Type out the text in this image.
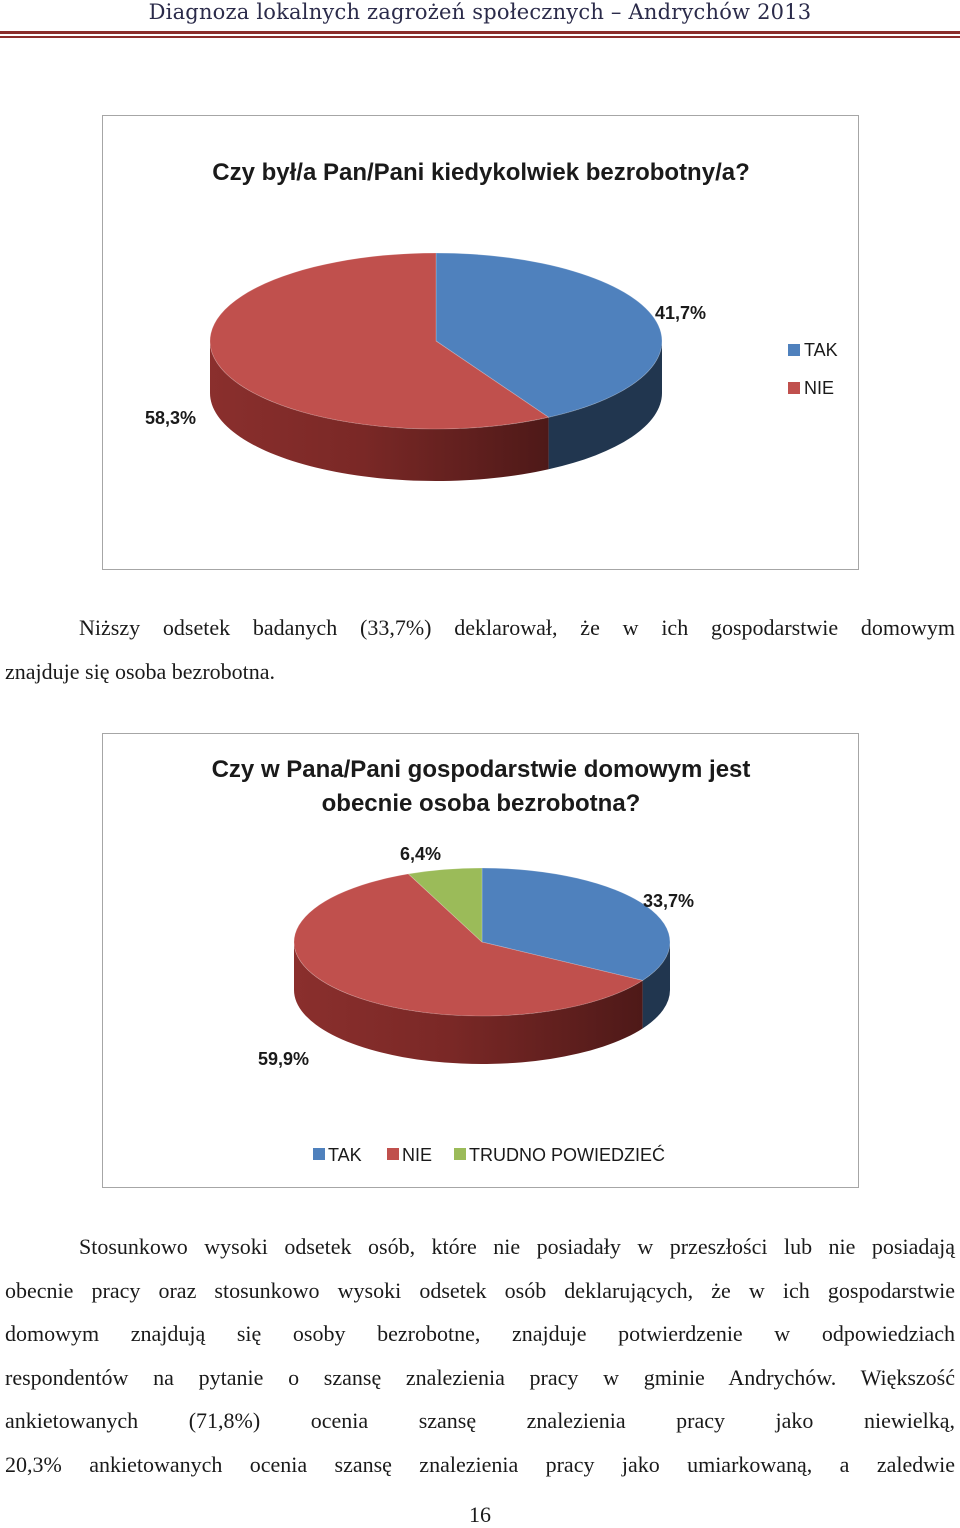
Diagnoza lokalnych zagrożeń społecznych – Andrychów 2013
Czy był/a Pan/Pani kiedykolwiek bezrobotny/a?
41,7%
58,3%
TAK
NIE
Niższy odsetek badanych (33,7%) deklarował, że w ich gospodarstwie domowym
znajduje się osoba bezrobotna.
Czy w Pana/Pani gospodarstwie domowym jest
obecnie osoba bezrobotna?
33,7%
59,9%
6,4%
TAK NIE TRUDNO POWIEDZIEĆ
Stosunkowo wysoki odsetek osób, które nie posiadały w przeszłości lub nie posiadają
obecnie pracy oraz stosunkowo wysoki odsetek osób deklarujących, że w ich gospodarstwie
domowym znajdują się osoby bezrobotne, znajduje potwierdzenie w odpowiedziach
respondentów na pytanie o szansę znalezienia pracy w gminie Andrychów. Większość
ankietowanych (71,8%) ocenia szansę znalezienia pracy jako niewielką,
20,3% ankietowanych ocenia szansę znalezienia pracy jako umiarkowaną, a zaledwie
16
